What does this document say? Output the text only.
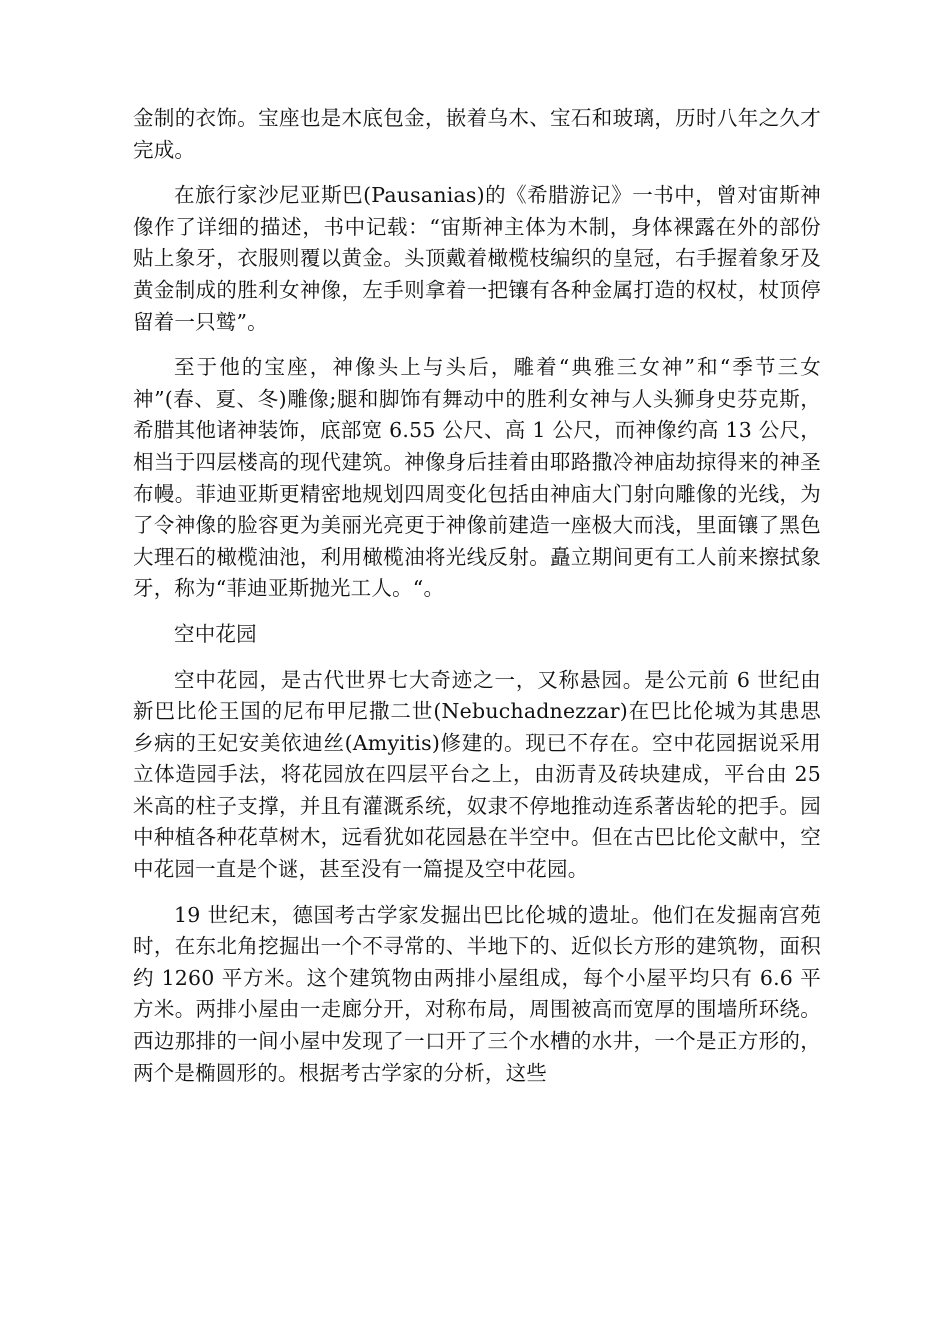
金制的衣饰。宝座也是木底包金，嵌着乌木、宝石和玻璃，历时八年之久才完成。

在旅行家沙尼亚斯巴(Pausanias)的《希腊游记》一书中，曾对宙斯神像作了详细的描述，书中记载：“宙斯神主体为木制，身体裸露在外的部份贴上象牙，衣服则覆以黄金。头顶戴着橄榄枝编织的皇冠，右手握着象牙及黄金制成的胜利女神像，左手则拿着一把镶有各种金属打造的权杖，杖顶停留着一只鹫”。

至于他的宝座，神像头上与头后，雕着“典雅三女神”和“季节三女神”(春、夏、冬)雕像;腿和脚饰有舞动中的胜利女神与人头狮身史芬克斯，希腊其他诸神装饰，底部宽 6.55 公尺、高 1 公尺，而神像约高 13 公尺，相当于四层楼高的现代建筑。神像身后挂着由耶路撒冷神庙劫掠得来的神圣布幔。菲迪亚斯更精密地规划四周变化包括由神庙大门射向雕像的光线，为了令神像的脸容更为美丽光亮更于神像前建造一座极大而浅，里面镶了黑色大理石的橄榄油池，利用橄榄油将光线反射。矗立期间更有工人前来擦拭象牙，称为“菲迪亚斯抛光工人。“。

空中花园

空中花园，是古代世界七大奇迹之一，又称悬园。是公元前 6 世纪由新巴比伦王国的尼布甲尼撒二世(Nebuchadnezzar)在巴比伦城为其患思乡病的王妃安美依迪丝(Amyitis)修建的。现已不存在。空中花园据说采用立体造园手法，将花园放在四层平台之上，由沥青及砖块建成，平台由 25 米高的柱子支撑，并且有灌溉系统，奴隶不停地推动连系著齿轮的把手。园中种植各种花草树木，远看犹如花园悬在半空中。但在古巴比伦文献中，空中花园一直是个谜，甚至没有一篇提及空中花园。

19 世纪末，德国考古学家发掘出巴比伦城的遗址。他们在发掘南宫苑时，在东北角挖掘出一个不寻常的、半地下的、近似长方形的建筑物，面积约 1260 平方米。这个建筑物由两排小屋组成，每个小屋平均只有 6.6 平方米。两排小屋由一走廊分开，对称布局，周围被高而宽厚的围墙所环绕。西边那排的一间小屋中发现了一口开了三个水槽的水井，一个是正方形的，两个是椭圆形的。根据考古学家的分析，这些
